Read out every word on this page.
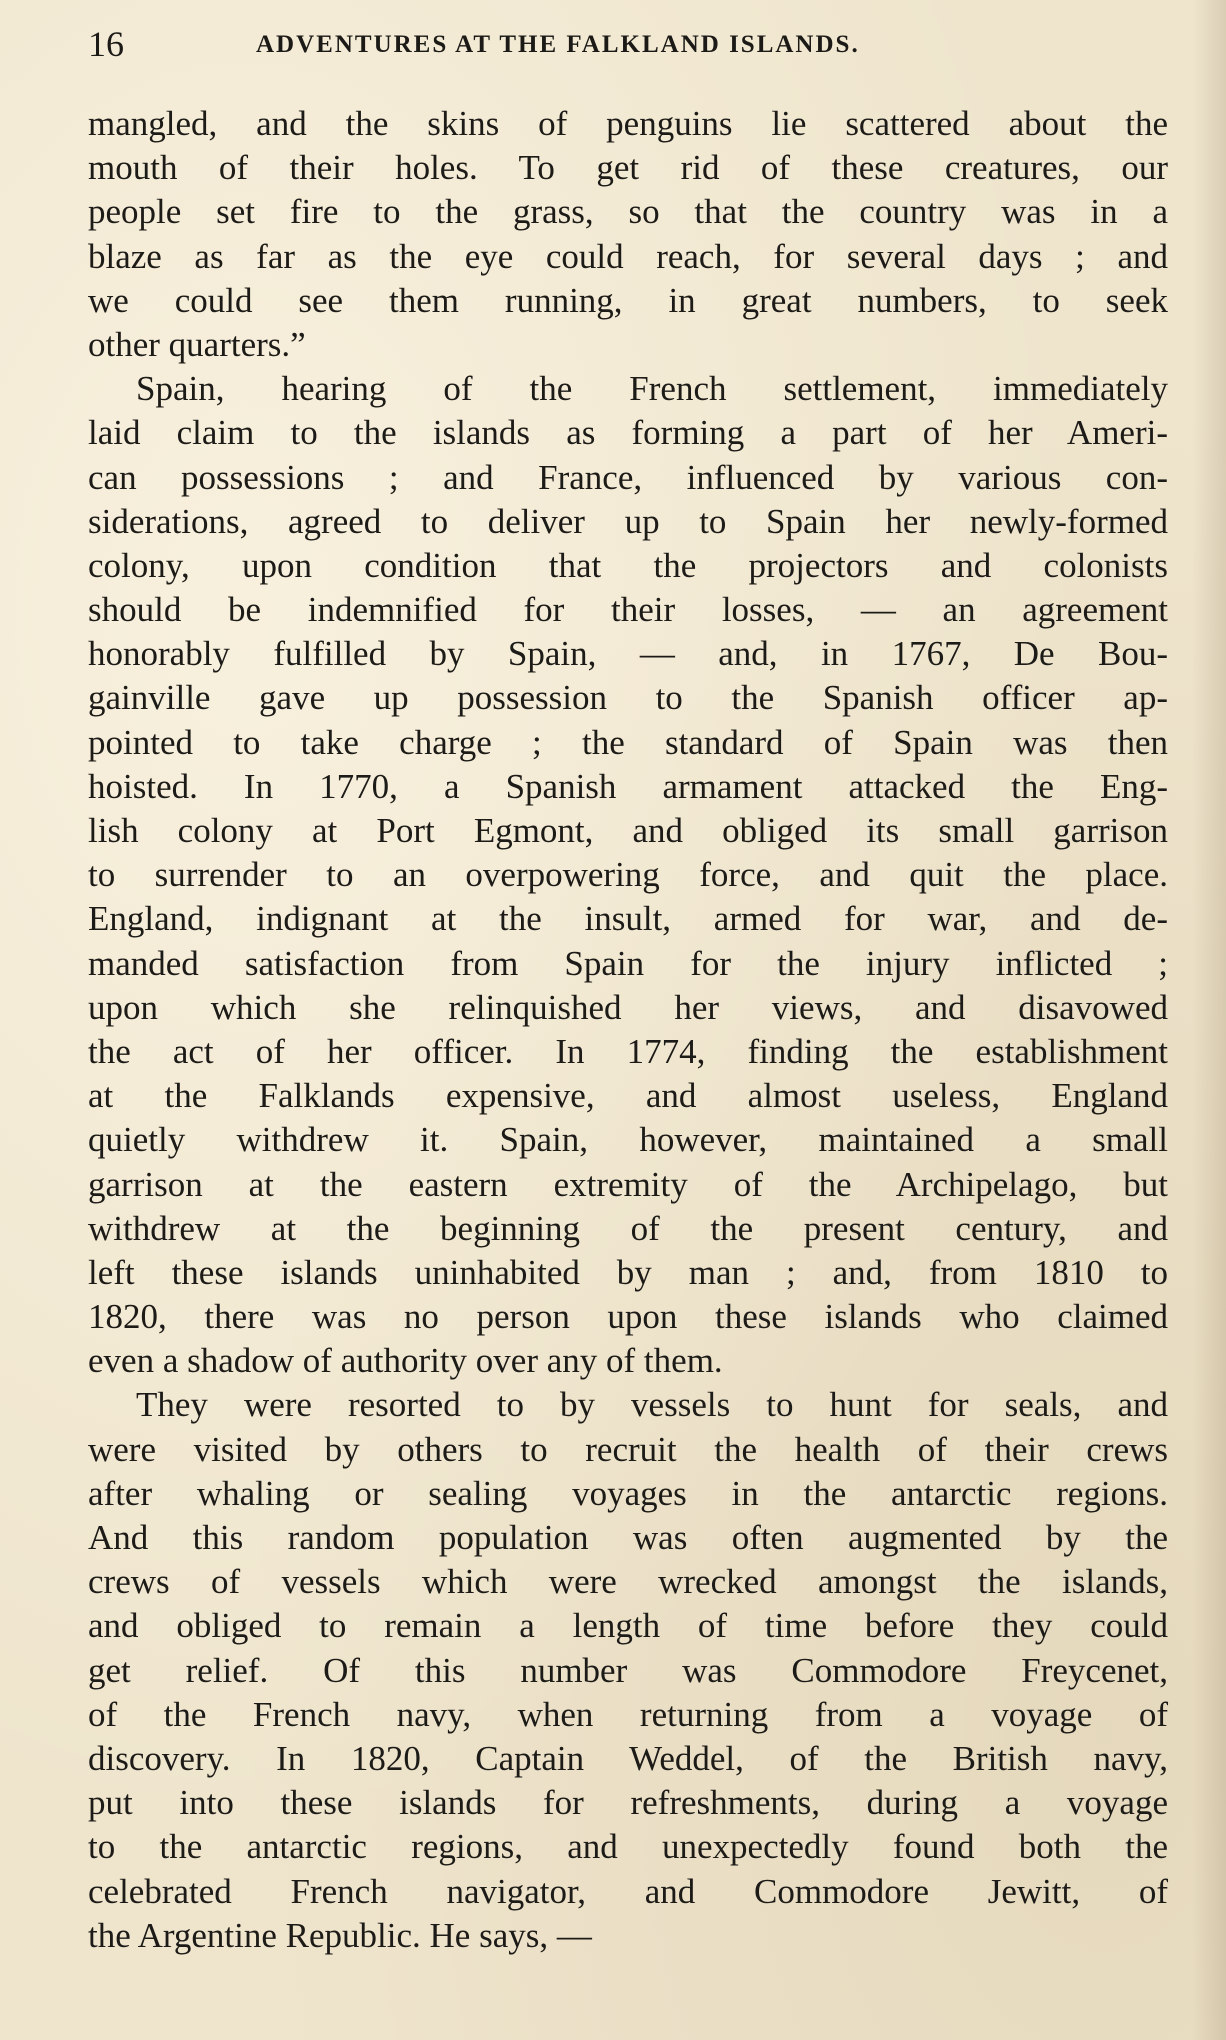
16	ADVENTURES AT THE FALKLAND ISLANDS.
mangled, and the skins of penguins lie scattered about the
mouth of their holes. To get rid of these creatures, our
people set fire to the grass, so that the country was in a
blaze as far as the eye could reach, for several days ; and
we could see them running, in great numbers, to seek
other quarters.”
Spain, hearing of the French settlement, immediately
laid claim to the islands as forming a part of her Ameri-
can possessions ; and France, influenced by various con-
siderations, agreed to deliver up to Spain her newly-formed
colony, upon condition that the projectors and colonists
should be indemnified for their losses, — an agreement
honorably fulfilled by Spain, — and, in 1767, De Bou-
gainville gave up possession to the Spanish officer ap-
pointed to take charge ; the standard of Spain was then
hoisted. In 1770, a Spanish armament attacked the Eng-
lish colony at Port Egmont, and obliged its small garrison
to surrender to an overpowering force, and quit the place.
England, indignant at the insult, armed for war, and de-
manded satisfaction from Spain for the injury inflicted ;
upon which she relinquished her views, and disavowed
the act of her officer. In 1774, finding the establishment
at the Falklands expensive, and almost useless, England
quietly withdrew it. Spain, however, maintained a small
garrison at the eastern extremity of the Archipelago, but
withdrew at the beginning of the present century, and
left these islands uninhabited by man ; and, from 1810 to
1820, there was no person upon these islands who claimed
even a shadow of authority over any of them.
They were resorted to by vessels to hunt for seals, and
were visited by others to recruit the health of their crews
after whaling or sealing voyages in the antarctic regions.
And this random population was often augmented by the
crews of vessels which were wrecked amongst the islands,
and obliged to remain a length of time before they could
get relief. Of this number was Commodore Freycenet,
of the French navy, when returning from a voyage of
discovery. In 1820, Captain Weddel, of the British navy,
put into these islands for refreshments, during a voyage
to the antarctic regions, and unexpectedly found both the
celebrated French navigator, and Commodore Jewitt, of
the Argentine Republic. He says, —
